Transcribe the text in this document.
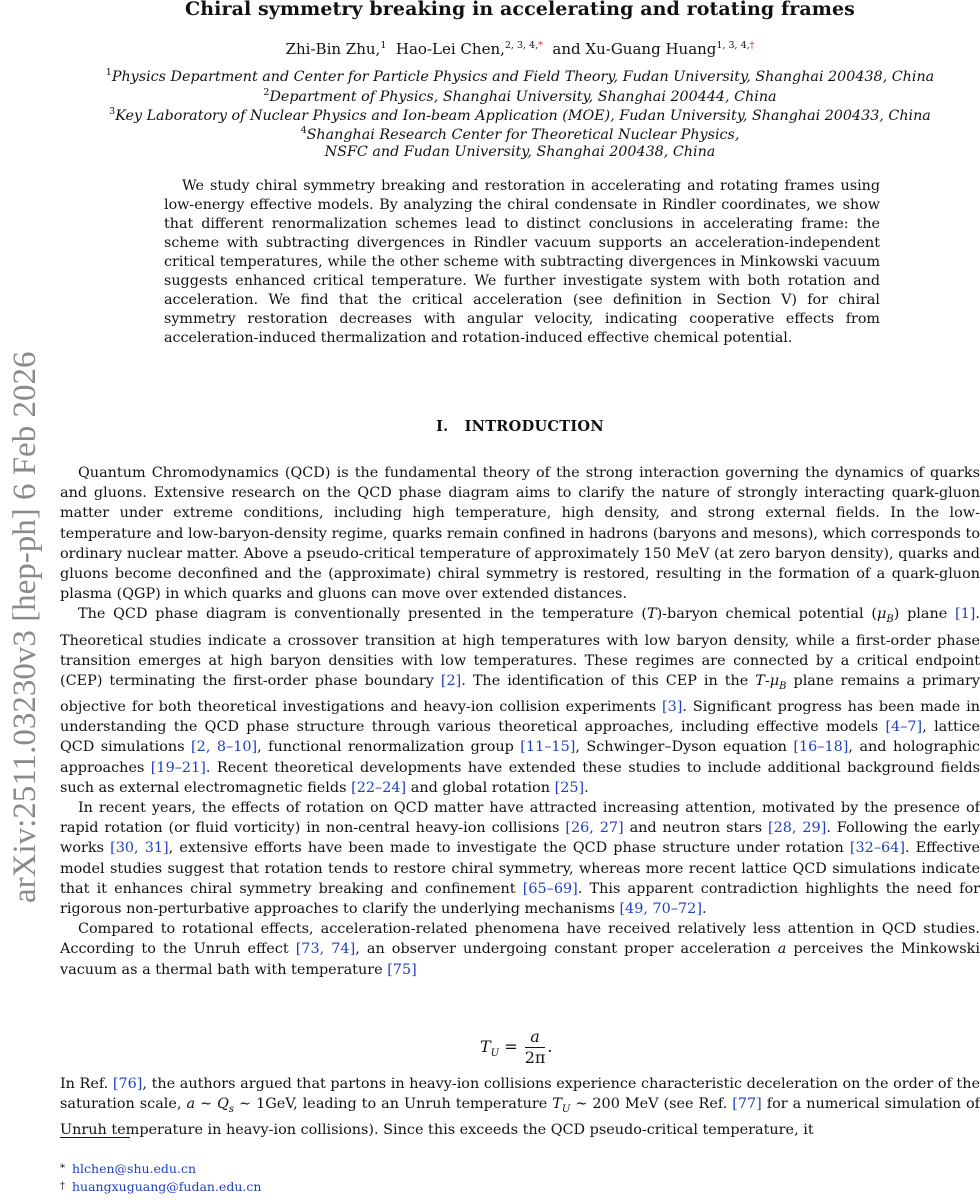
arXiv:2511.03230v3 [hep-ph] 6 Feb 2026
Chiral symmetry breaking in accelerating and rotating frames
Zhi-Bin Zhu,$^1$ Hao-Lei Chen,$^{2, 3, 4,*}$ and Xu-Guang Huang$^{1, 3, 4,\dagger}$
$^1$Physics Department and Center for Particle Physics and Field Theory, Fudan University, Shanghai 200438, China
$^2$Department of Physics, Shanghai University, Shanghai 200444, China
$^3$Key Laboratory of Nuclear Physics and Ion-beam Application (MOE), Fudan University, Shanghai 200433, China
$^4$Shanghai Research Center for Theoretical Nuclear Physics,
NSFC and Fudan University, Shanghai 200438, China
We study chiral symmetry breaking and restoration in accelerating and rotating frames using low-energy effective models. By analyzing the chiral condensate in Rindler coordinates, we show that different renormalization schemes lead to distinct conclusions in accelerating frame: the scheme with subtracting divergences in Rindler vacuum supports an acceleration-independent critical temperatures, while the other scheme with subtracting divergences in Minkowski vacuum suggests enhanced critical temperature. We further investigate system with both rotation and acceleration. We find that the critical acceleration (see definition in Section V) for chiral symmetry restoration decreases with angular velocity, indicating cooperative effects from acceleration-induced thermalization and rotation-induced effective chemical potential.
I. INTRODUCTION

Quantum Chromodynamics (QCD) is the fundamental theory of the strong interaction governing the dynamics of quarks and gluons. Extensive research on the QCD phase diagram aims to clarify the nature of strongly interacting quark-gluon matter under extreme conditions, including high temperature, high density, and strong external fields. In the low-temperature and low-baryon-density regime, quarks remain confined in hadrons (baryons and mesons), which corresponds to ordinary nuclear matter. Above a pseudo-critical temperature of approximately 150 MeV (at zero baryon density), quarks and gluons become deconfined and the (approximate) chiral symmetry is restored, resulting in the formation of a quark-gluon plasma (QGP) in which quarks and gluons can move over extended distances.

The QCD phase diagram is conventionally presented in the temperature (T)-baryon chemical potential $(\mu_B)$ plane [1]. Theoretical studies indicate a crossover transition at high temperatures with low baryon density, while a first-order phase transition emerges at high baryon densities with low temperatures. These regimes are connected by a critical endpoint (CEP) terminating the first-order phase boundary [2]. The identification of this CEP in the $T-\mu_B$ plane remains a primary objective for both theoretical investigations and heavy-ion collision experiments [3]. Significant progress has been made in understanding the QCD phase structure through various theoretical approaches, including effective models [4–7], lattice QCD simulations [2, 8–10], functional renormalization group [11–15], Schwinger–Dyson equation [16–18], and holographic approaches [19–21]. Recent theoretical developments have extended these studies to include additional background fields such as external electromagnetic fields [22–24] and global rotation [25].

In recent years, the effects of rotation on QCD matter have attracted increasing attention, motivated by the presence of rapid rotation (or fluid vorticity) in non-central heavy-ion collisions [26, 27] and neutron stars [28, 29]. Following the early works [30, 31], extensive efforts have been made to investigate the QCD phase structure under rotation [32–64]. Effective model studies suggest that rotation tends to restore chiral symmetry, whereas more recent lattice QCD simulations indicate that it enhances chiral symmetry breaking and confinement [65–69]. This apparent contradiction highlights the need for rigorous non-perturbative approaches to clarify the underlying mechanisms [49, 70–72].

Compared to rotational effects, acceleration-related phenomena have received relatively less attention in QCD studies. According to the Unruh effect [73, 74], an observer undergoing constant proper acceleration a perceives the Minkowski vacuum as a thermal bath with temperature [75]

$T_U = \frac{a}{2\pi}$ .

In Ref. [76], the authors argued that partons in heavy-ion collisions experience characteristic deceleration on the order of the saturation scale, a ∼ $Q_s$ ∼ 1GeV, leading to an Unruh temperature $T_U$ ∼ 200 MeV (see Ref. [77] for a numerical simulation of Unruh temperature in heavy-ion collisions). Since this exceeds the QCD pseudo-critical temperature, it

* hlchen@shu.edu.cn
† huangxuguang@fudan.edu.cn
